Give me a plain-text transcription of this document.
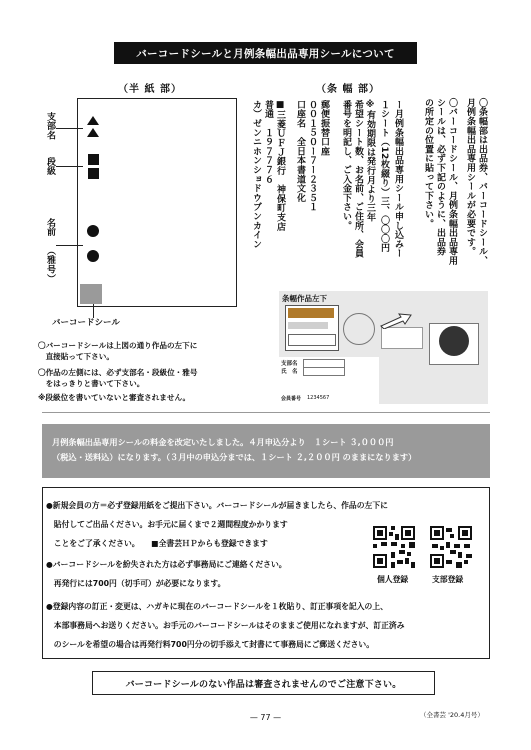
バーコードシールと月例条幅出品専用シールについて
（半 紙 部）
支部名
段級
名前
（雅号）
バーコードシール
〇バーコードシールは上図の通り作品の左下に
　直接貼って下さい。
〇作品の左側には、必ず支部名・段級位・雅号
　をはっきりと書いて下さい。
※段級位を書いていないと審査されません。
（条 幅 部）
〇条幅部は出品券、バーコードシール、
月例条幅出品専用シールが必要です。
〇バーコードシール、月例条幅出品専用
シールは、必ず下記のように、出品券
の所定の位置に貼って下さい。
ー月例条幅出品専用シール申し込みー
１シート（12枚綴り）三、〇〇〇円
※有効期限は発行月より三年
希望シート数、お名前、ご住所、会員
番号を明記し、ご入金下さい。
郵便振替口座
００１５０ー７ー２３５１
口座名　全日本書道文化
■三菱ＵＦＪ銀行　神保町支店
普通　１９７７７６
カ）ゼンニホンショドウブンカイン
条幅作品左下
支部名
氏　名
会員番号 1234567
月例条幅出品専用シールの料金を改定いたしました。４月申込分より　１シート ３,０００円
（税込・送料込）になります。（３月中の申込分までは、１シート ２,２００円 のままになります）
●新規会員の方＝必ず登録用紙をご提出下さい。バーコードシールが届きましたら、作品の左下に
　貼付してご出品ください。お手元に届くまで２週間程度かかります
　ことをご了承ください。　　■全書芸ＨＰからも登録できます
●バーコードシールを紛失された方は必ず事務局にご連絡ください。
　再発行には700円（切手可）が必要になります。
●登録内容の訂正・変更は、ハガキに現在のバーコードシールを１枚貼り、訂正事項を記入の上、
　本部事務局へお送りください。お手元のバーコードシールはそのままご使用になれますが、訂正済み
　のシールを希望の場合は再発行料700円分の切手添えて封書にて事務局にご郵送ください。
個人登録	支部登録
バーコードシールのない作品は審査されませんのでご注意下さい。
— 77 —	（全書芸 '20.4月号）
